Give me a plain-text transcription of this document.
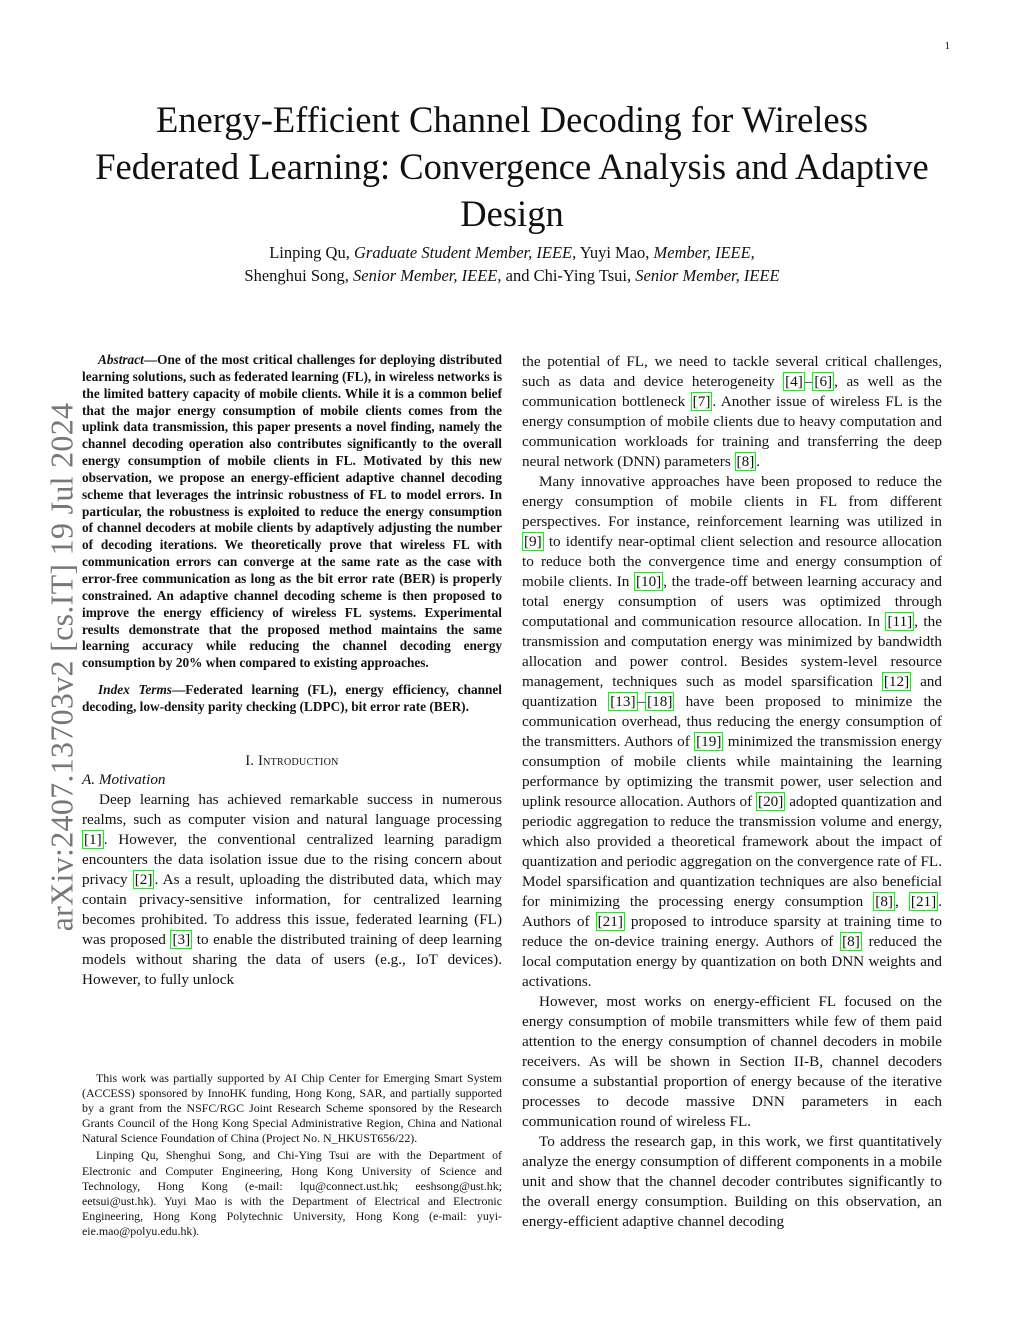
1
arXiv:2407.13703v2 [cs.IT] 19 Jul 2024
Energy-Efficient Channel Decoding for Wireless Federated Learning: Convergence Analysis and Adaptive Design
Linping Qu, Graduate Student Member, IEEE, Yuyi Mao, Member, IEEE,
Shenghui Song, Senior Member, IEEE, and Chi-Ying Tsui, Senior Member, IEEE

Abstract—One of the most critical challenges for deploying distributed learning solutions, such as federated learning (FL), in wireless networks is the limited battery capacity of mobile clients. While it is a common belief that the major energy consumption of mobile clients comes from the uplink data transmission, this paper presents a novel finding, namely the channel decoding operation also contributes significantly to the overall energy consumption of mobile clients in FL. Motivated by this new observation, we propose an energy-efficient adaptive channel decoding scheme that leverages the intrinsic robustness of FL to model errors. In particular, the robustness is exploited to reduce the energy consumption of channel decoders at mobile clients by adaptively adjusting the number of decoding iterations. We theoretically prove that wireless FL with communication errors can converge at the same rate as the case with error-free communication as long as the bit error rate (BER) is properly constrained. An adaptive channel decoding scheme is then proposed to improve the energy efficiency of wireless FL systems. Experimental results demonstrate that the proposed method maintains the same learning accuracy while reducing the channel decoding energy consumption by 20% when compared to existing approaches.

Index Terms—Federated learning (FL), energy efficiency, channel decoding, low-density parity checking (LDPC), bit error rate (BER).

I. Introduction
A. Motivation

Deep learning has achieved remarkable success in numerous realms, such as computer vision and natural language processing [1] . However, the conventional centralized learning paradigm encounters the data isolation issue due to the rising concern about privacy [2] . As a result, uploading the distributed data, which may contain privacy-sensitive information, for centralized learning becomes prohibited. To address this issue, federated learning (FL) was proposed [3] to enable the distributed training of deep learning models without sharing the data of users (e.g., IoT devices). However, to fully unlock

This work was partially supported by AI Chip Center for Emerging Smart System (ACCESS) sponsored by InnoHK funding, Hong Kong, SAR, and partially supported by a grant from the NSFC/RGC Joint Research Scheme sponsored by the Research Grants Council of the Hong Kong Special Administrative Region, China and National Natural Science Foundation of China (Project No. N_HKUST656/22).

Linping Qu, Shenghui Song, and Chi-Ying Tsui are with the Department of Electronic and Computer Engineering, Hong Kong University of Science and Technology, Hong Kong (e-mail: lqu@connect.ust.hk; eeshsong@ust.hk; eetsui@ust.hk). Yuyi Mao is with the Department of Electrical and Electronic Engineering, Hong Kong Polytechnic University, Hong Kong (e-mail: yuyi-eie.mao@polyu.edu.hk).

the potential of FL, we need to tackle several critical challenges, such as data and device heterogeneity [4] – [6] , as well as the communication bottleneck [7] . Another issue of wireless FL is the energy consumption of mobile clients due to heavy computation and communication workloads for training and transferring the deep neural network (DNN) parameters [8] .

Many innovative approaches have been proposed to reduce the energy consumption of mobile clients in FL from different perspectives. For instance, reinforcement learning was utilized in [9] to identify near-optimal client selection and resource allocation to reduce both the convergence time and energy consumption of mobile clients. In [10] , the trade-off between learning accuracy and total energy consumption of users was optimized through computational and communication resource allocation. In [11] , the transmission and computation energy was minimized by bandwidth allocation and power control. Besides system-level resource management, techniques such as model sparsification [12] and quantization [13] – [18] have been proposed to minimize the communication overhead, thus reducing the energy consumption of the transmitters. Authors of [19] minimized the transmission energy consumption of mobile clients while maintaining the learning performance by optimizing the transmit power, user selection and uplink resource allocation. Authors of [20] adopted quantization and periodic aggregation to reduce the transmission volume and energy, which also provided a theoretical framework about the impact of quantization and periodic aggregation on the convergence rate of FL. Model sparsification and quantization techniques are also beneficial for minimizing the processing energy consumption [8] , [21] . Authors of [21] proposed to introduce sparsity at training time to reduce the on-device training energy. Authors of [8] reduced the local computation energy by quantization on both DNN weights and activations.

However, most works on energy-efficient FL focused on the energy consumption of mobile transmitters while few of them paid attention to the energy consumption of channel decoders in mobile receivers. As will be shown in Section II-B, channel decoders consume a substantial proportion of energy because of the iterative processes to decode massive DNN parameters in each communication round of wireless FL.

To address the research gap, in this work, we first quantitatively analyze the energy consumption of different components in a mobile unit and show that the channel decoder contributes significantly to the overall energy consumption. Building on this observation, an energy-efficient adaptive channel decoding
